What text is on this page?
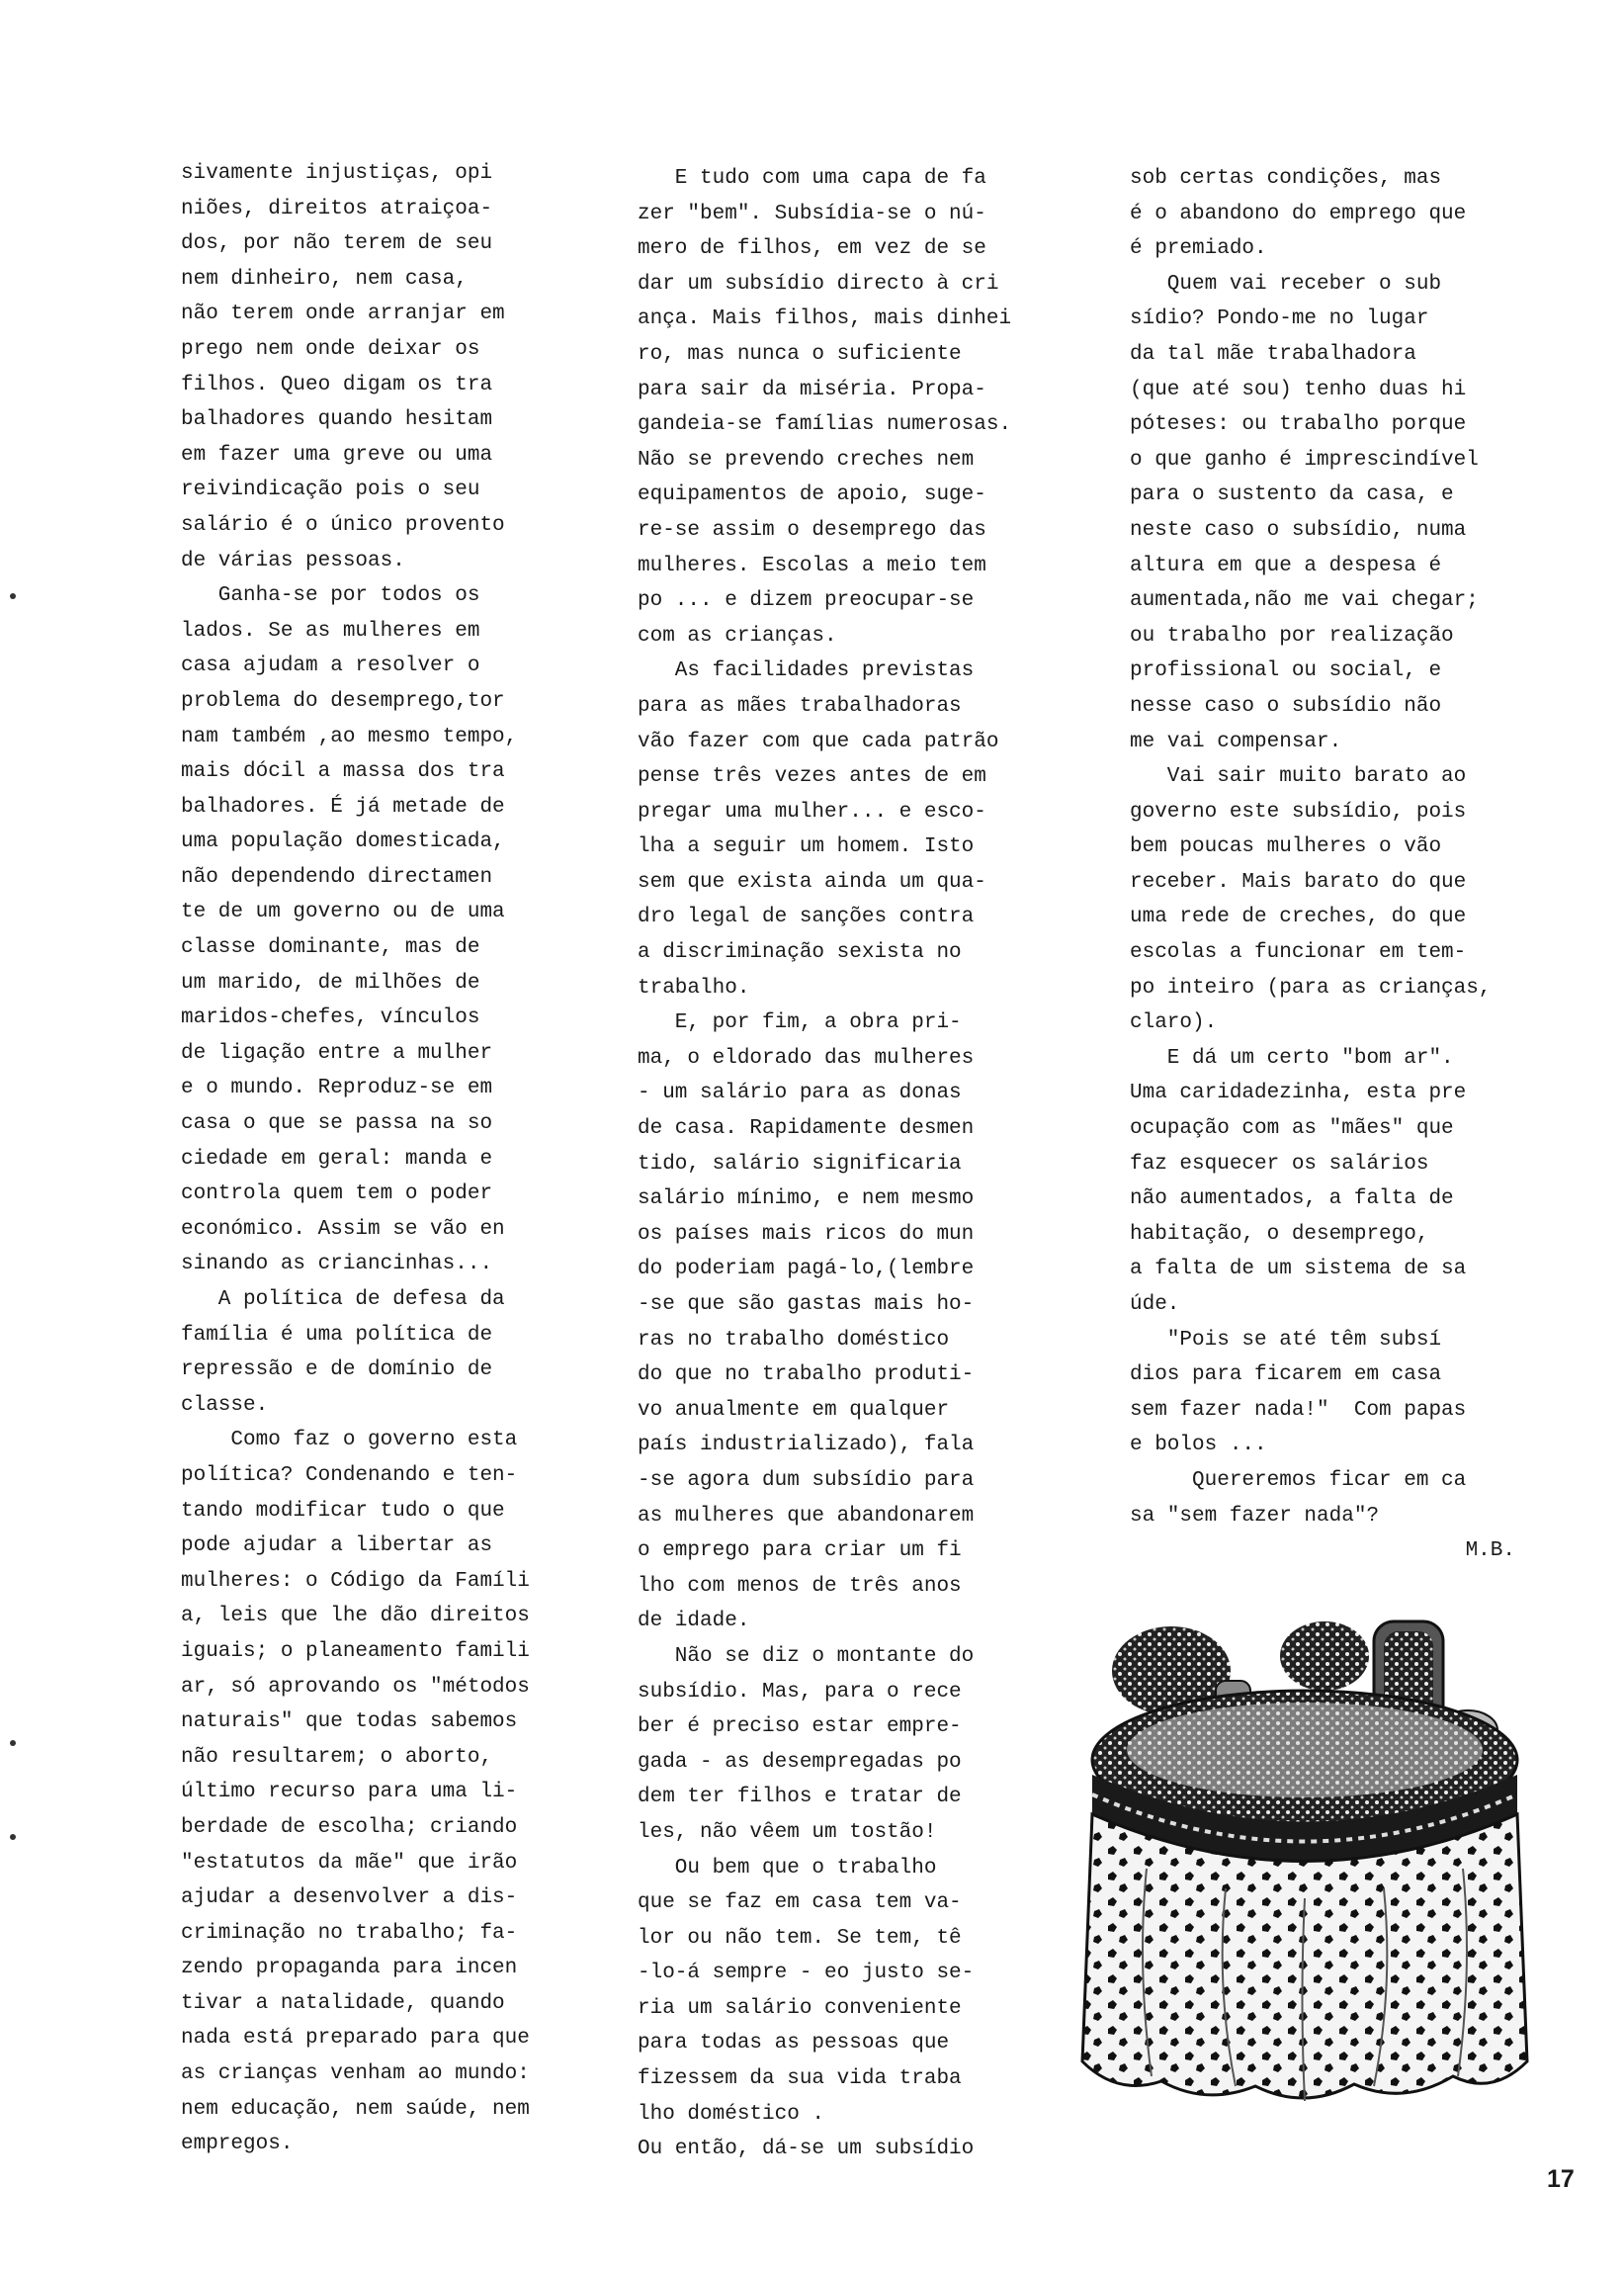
sivamente injustiças, opi
niões, direitos atraiçoa-
dos, por não terem de seu
nem dinheiro, nem casa,
não terem onde arranjar em
prego nem onde deixar os
filhos. Queo digam os tra
balhadores quando hesitam
em fazer uma greve ou uma
reivindicação pois o seu
salário é o único provento
de várias pessoas.
Ganha-se por todos os
lados. Se as mulheres em
casa ajudam a resolver o
problema do desemprego,tor
nam também ,ao mesmo tempo,
mais dócil a massa dos tra
balhadores. É já metade de
uma população domesticada,
não dependendo directamen
te de um governo ou de uma
classe dominante, mas de
um marido, de milhões de
maridos-chefes, vínculos
de ligação entre a mulher
e o mundo. Reproduz-se em
casa o que se passa na so
ciedade em geral: manda e
controla quem tem o poder
económico. Assim se vão en
sinando as criancinhas...
A política de defesa da
família é uma política de
repressão e de domínio de
classe.
Como faz o governo esta
política? Condenando e ten-
tando modificar tudo o que
pode ajudar a libertar as
mulheres: o Código da Famíli
a, leis que lhe dão direitos
iguais; o planeamento famili
ar, só aprovando os "métodos
naturais" que todas sabemos
não resultarem; o aborto,
último recurso para uma li-
berdade de escolha; criando
"estatutos da mãe" que irão
ajudar a desenvolver a dis-
criminação no trabalho; fa-
zendo propaganda para incen
tivar a natalidade, quando
nada está preparado para que
as crianças venham ao mundo:
nem educação, nem saúde, nem
empregos.
E tudo com uma capa de fa
zer "bem". Subsídia-se o nú-
mero de filhos, em vez de se
dar um subsídio directo à cri
ança. Mais filhos, mais dinhei
ro, mas nunca o suficiente
para sair da miséria. Propa-
gandeia-se famílias numerosas.
Não se prevendo creches nem
equipamentos de apoio, suge-
re-se assim o desemprego das
mulheres. Escolas a meio tem
po ... e dizem preocupar-se
com as crianças.
As facilidades previstas
para as mães trabalhadoras
vão fazer com que cada patrão
pense três vezes antes de em
pregar uma mulher... e esco-
lha a seguir um homem. Isto
sem que exista ainda um qua-
dro legal de sanções contra
a discriminação sexista no
trabalho.
E, por fim, a obra pri-
ma, o eldorado das mulheres
- um salário para as donas
de casa. Rapidamente desmen
tido, salário significaria
salário mínimo, e nem mesmo
os países mais ricos do mun
do poderiam pagá-lo,(lembre
-se que são gastas mais ho-
ras no trabalho doméstico
do que no trabalho produti-
vo anualmente em qualquer
país industrializado), fala
-se agora dum subsídio para
as mulheres que abandonarem
o emprego para criar um fi
lho com menos de três anos
de idade.
Não se diz o montante do
subsídio. Mas, para o rece
ber é preciso estar empre-
gada - as desempregadas po
dem ter filhos e tratar de
les, não vêem um tostão!
Ou bem que o trabalho
que se faz em casa tem va-
lor ou não tem. Se tem, tê
-lo-á sempre - eo justo se-
ria um salário conveniente
para todas as pessoas que
fizessem da sua vida traba
lho doméstico .
Ou então, dá-se um subsídio
sob certas condições, mas
é o abandono do emprego que
é premiado.
Quem vai receber o sub
sídio? Pondo-me no lugar
da tal mãe trabalhadora
(que até sou) tenho duas hi
póteses: ou trabalho porque
o que ganho é imprescindível
para o sustento da casa, e
neste caso o subsídio, numa
altura em que a despesa é
aumentada,não me vai chegar;
ou trabalho por realização
profissional ou social, e
nesse caso o subsídio não
me vai compensar.
Vai sair muito barato ao
governo este subsídio, pois
bem poucas mulheres o vão
receber. Mais barato do que
uma rede de creches, do que
escolas a funcionar em tem-
po inteiro (para as crianças,
claro).
E dá um certo "bom ar".
Uma caridadezinha, esta pre
ocupação com as "mães" que
faz esquecer os salários
não aumentados, a falta de
habitação, o desemprego,
a falta de um sistema de sa
úde.
"Pois se até têm subsí
dios para ficarem em casa
sem fazer nada!"  Com papas
e bolos ...
Quereremos ficar em ca
sa "sem fazer nada"?
M.B.
17
